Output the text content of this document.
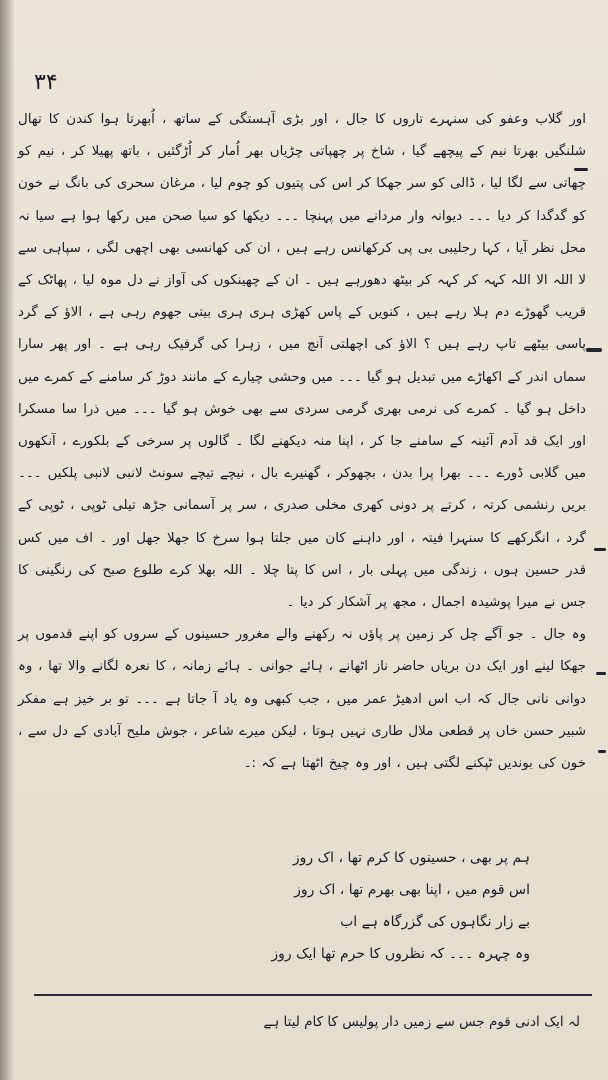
۳۴

اور گلاب وعفو کی سنہرے تاروں کا جال ، اور بڑی آہستگی کے ساتھ ، اُبھرتا ہوا کندن کا تھال شلنگیں بھرتا نیم کے پیچھے گیا ، شاخ پر چھپاتی چڑیاں بھر اُمار کر اُڑگئیں ، باتھ پھیلا کر ، نیم کو چھاتی سے لگا لیا ، ڈالی کو سر جھکا کر اس کی پتیوں کو چوم لیا ، مرغان سحری کی بانگ نے خون کو گدگدا کر دیا ۔۔۔ دیوانہ وار مردانے میں پہنچا ۔۔۔ دیکھا کو سیا صحن میں رکھا ہوا ہے سیا نہ محل نظر آیا ، کہا رجلیبی بی پی کرکھانس رہے ہیں ، ان کی کھانسی بھی اچھی لگی ، سپاہی سے لا اللہ الا اللہ کہہ کر کہہ کر بیٹھ دھورہے ہیں ۔ ان کے چھینکوں کی آواز نے دل موہ لیا ، پھاٹک کے قریب گھوڑے دم ہلا رہے ہیں ، کنویں کے پاس کھڑی ہری ہری بیتی جھوم رہی ہے ، الاؤ کے گرد پاسی بیٹھے تاپ رہے ہیں ؟ الاؤ کی اچھلتی آنچ میں ، زہرا کی گرفیک رہی ہے ۔ اور پھر سارا سماں اندر کے اکھاڑے میں تبدیل ہو گیا ۔۔۔ میں وحشی چیارے کے مانند دوڑ کر سامنے کے کمرے میں داخل ہو گیا ۔ کمرے کی نرمی بھری گرمی سردی سے بھی خوش ہو گیا ۔۔۔ میں ذرا سا مسکرا اور ایک قد آدم آئینہ کے سامنے جا کر ، اپنا منہ دیکھنے لگا ۔ گالوں پر سرخی کے بلکورے ، آنکھوں میں گلابی ڈورے ۔۔۔ بھرا پرا بدن ، بچھوکر ، گھنیرے بال ، نیچے تیچے سونٹ لانبی لانبی پلکیں ۔۔۔ بریں رنشمی کرتہ ، کرتے پر دونی کھری مخلی صدری ، سر پر آسمانی جڑھ تیلی ٹوپی ، ٹوپی کے گرد ، انگرکھے کا سنہرا فیتہ ، اور داہنے کان میں جلتا ہوا سرخ کا جھلا جھل اور ۔ اف میں کس قدر حسین ہوں ، زندگی میں پہلی بار ، اس کا پتا چلا ۔ اللہ بھلا کرے طلوع صبح کی رنگینی کا جس نے میرا پوشیدہ اجمال ، مجھ پر آشکار کر دیا ۔

وہ جال ۔ جو آگے چل کر زمین پر پاؤں نہ رکھنے والے مغرور حسینوں کے سروں کو اپنے قدموں پر جھکا لینے اور ایک دن بریاں حاضر ناز اٹھانے ، ہائے جوانی ۔ ہائے زمانہ ، کا نعرہ لگانے والا تھا ، وہ دوانی نانی جال کہ اب اس ادھیڑ عمر میں ، جب کبھی وہ یاد آ جاتا ہے ۔۔۔ تو بر خیز ہے مفکر شبیر حسن خاں پر قطعی ملال طاری نہیں ہوتا ، لیکن میرے شاعر ، جوش ملیح آبادی کے دل سے ، خون کی بوندیں ٹپکنے لگتی ہیں ، اور وہ چیخ اٹھتا ہے کہ :۔

ہم پر بھی ، حسینوں کا کرم تھا ، اک روز
اس قوم میں ، اپنا بھی بھرم تھا ، اک روز
بے زار نگاہوں کی گزرگاہ ہے اب
وہ چہرہ ۔۔۔ کہ نظروں کا حرم تھا ایک روز
لہ ایک ادنی قوم جس سے زمیں دار پولیس کا کام لیتا ہے
